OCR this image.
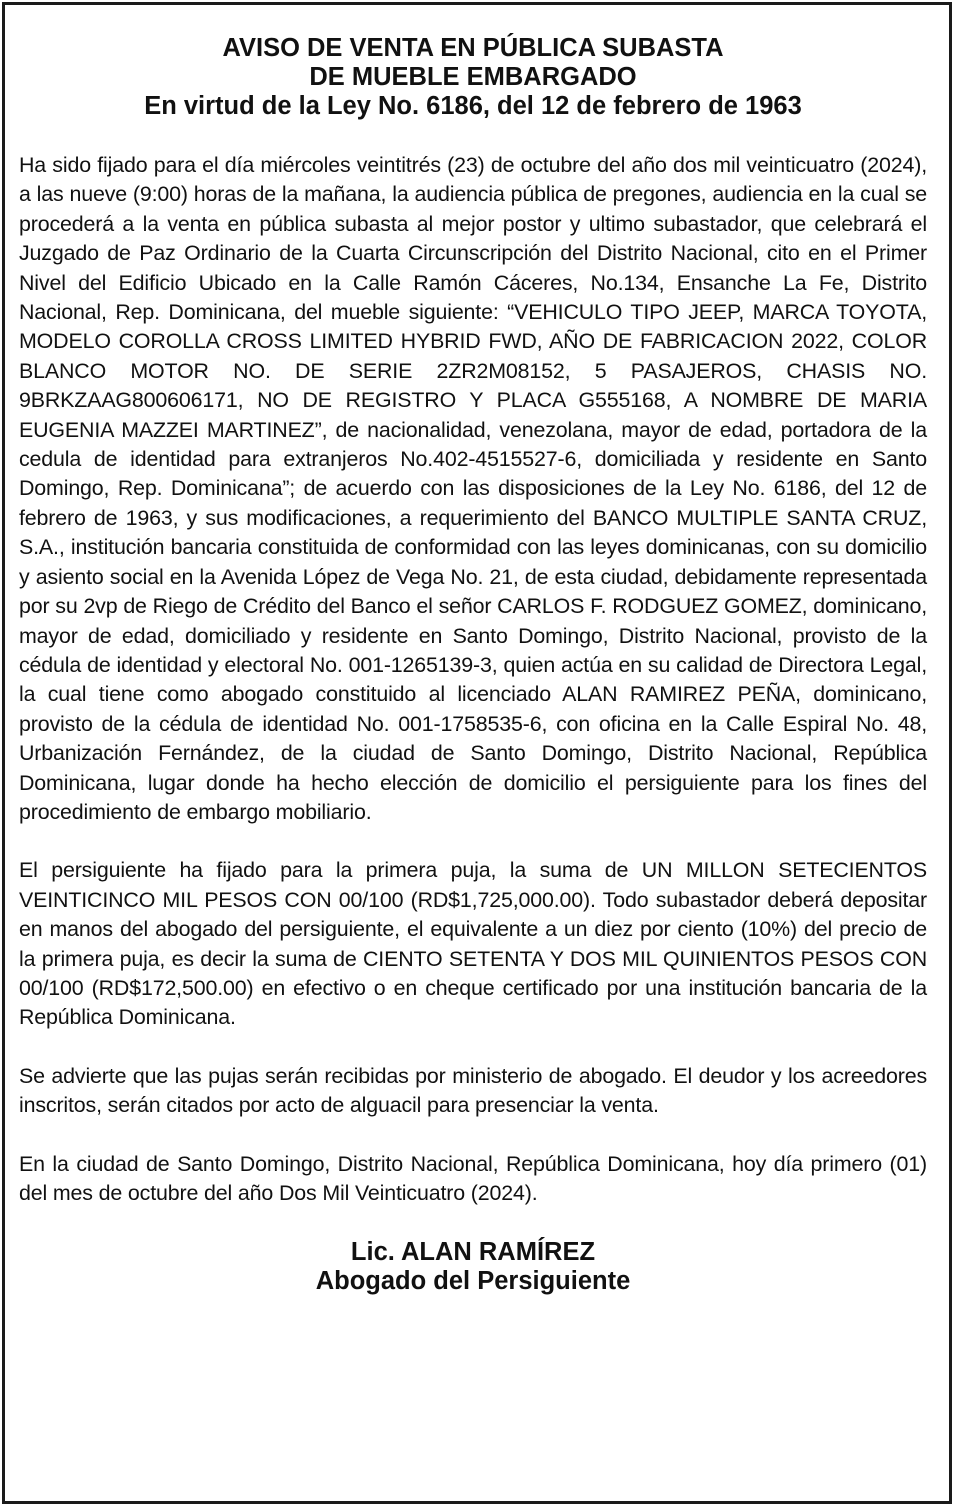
AVISO DE VENTA EN PÚBLICA SUBASTA
DE MUEBLE EMBARGADO
En virtud de la Ley No. 6186, del 12 de febrero de 1963

Ha sido fijado para el día miércoles veintitrés (23) de octubre del año dos mil veinticuatro (2024), a las nueve (9:00) horas de la mañana, la audiencia pública de pregones, audiencia en la cual se procederá a la venta en pública subasta al mejor postor y ultimo subastador, que celebrará el Juzgado de Paz Ordinario de la Cuarta Circunscripción del Distrito Nacional, cito en el Primer Nivel del Edificio Ubicado en la Calle Ramón Cáceres, No.134, Ensanche La Fe, Distrito Nacional, Rep. Dominicana, del mueble siguiente: “VEHICULO TIPO JEEP, MARCA TOYOTA, MODELO COROLLA CROSS LIMITED HYBRID FWD, AÑO DE FABRICACION 2022, COLOR BLANCO MOTOR NO. DE SERIE 2ZR2M08152, 5 PASAJEROS, CHASIS NO. 9BRKZAAG800606171, NO DE REGISTRO Y PLACA G555168, A NOMBRE DE MARIA EUGENIA MAZZEI MARTINEZ”, de nacionalidad, venezolana, mayor de edad, portadora de la cedula de identidad para extranjeros No.402-4515527-6, domiciliada y residente en Santo Domingo, Rep. Dominicana”; de acuerdo con las disposiciones de la Ley No. 6186, del 12 de febrero de 1963, y sus modificaciones, a requerimiento del BANCO MULTIPLE SANTA CRUZ, S.A., institución bancaria constituida de conformidad con las leyes dominicanas, con su domicilio y asiento social en la Avenida López de Vega No. 21, de esta ciudad, debidamente representada por su 2vp de Riego de Crédito del Banco el señor CARLOS F. RODGUEZ GOMEZ, dominicano, mayor de edad, domiciliado y residente en Santo Domingo, Distrito Nacional, provisto de la cédula de identidad y electoral No. 001-1265139-3, quien actúa en su calidad de Directora Legal, la cual tiene como abogado constituido al licenciado ALAN RAMIREZ PEÑA, dominicano, provisto de la cédula de identidad No. 001-1758535-6, con oficina en la Calle Espiral No. 48, Urbanización Fernández, de la ciudad de Santo Domingo, Distrito Nacional, República Dominicana, lugar donde ha hecho elección de domicilio el persiguiente para los fines del procedimiento de embargo mobiliario.

El persiguiente ha fijado para la primera puja, la suma de UN MILLON SETECIENTOS VEINTICINCO MIL PESOS CON 00/100 (RD$1,725,000.00). Todo subastador deberá depositar en manos del abogado del persiguiente, el equivalente a un diez por ciento (10%) del precio de la primera puja, es decir la suma de CIENTO SETENTA Y DOS MIL QUINIENTOS PESOS CON 00/100 (RD$172,500.00) en efectivo o en cheque certificado por una institución bancaria de la República Dominicana.

Se advierte que las pujas serán recibidas por ministerio de abogado. El deudor y los acreedores inscritos, serán citados por acto de alguacil para presenciar la venta.

En la ciudad de Santo Domingo, Distrito Nacional, República Dominicana, hoy día primero (01) del mes de octubre del año Dos Mil Veinticuatro (2024).

Lic. ALAN RAMÍREZ
Abogado del Persiguiente
